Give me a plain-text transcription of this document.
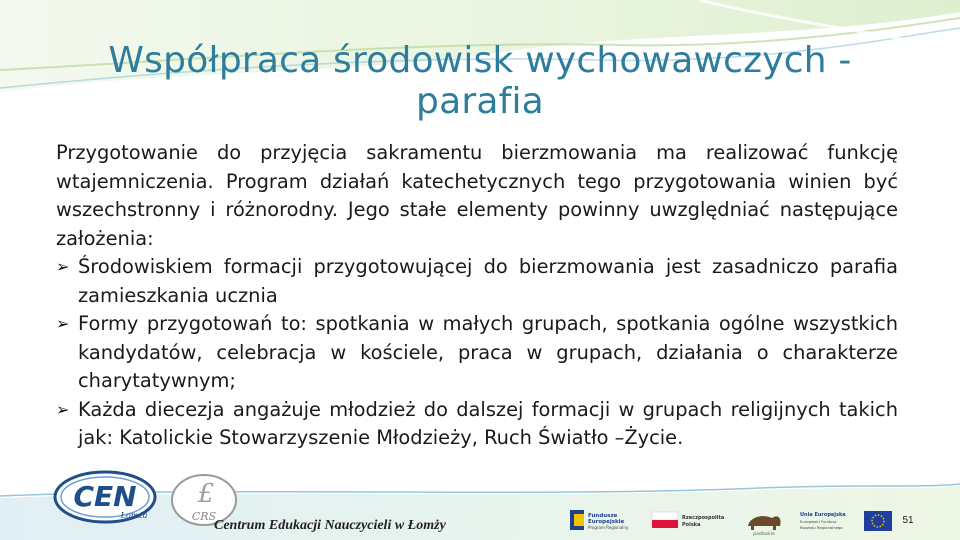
Współpraca środowisk wychowawczych - parafia

Przygotowanie do przyjęcia sakramentu bierzmowania ma realizować funkcję wtajemniczenia. Program działań katechetycznych tego przygotowania winien być wszechstronny i różnorodny. Jego stałe elementy powinny uwzględniać następujące założenia:

➢ Środowiskiem formacji przygotowującej do bierzmowania jest zasadniczo parafia zamieszkania ucznia

➢ Formy przygotowań to: spotkania w małych grupach, spotkania ogólne wszystkich kandydatów, celebracja w kościele, praca w grupach, działania o charakterze charytatywnym;

➢ Każda diecezja angażuje młodzież do dalszej formacji w grupach religijnych takich jak: Katolickie Stowarzyszenie Młodzieży, Ruch Światło –Życie.

CEN
Łomża
£
CRS
Centrum Edukacji Nauczycieli w Łomży
Fundusze
Europejskie
Program Regionalny
Rzeczpospolita
Polska
podlaskie
Unia Europejska
Europejski Fundusz
Rozwoju Regionalnego
51
